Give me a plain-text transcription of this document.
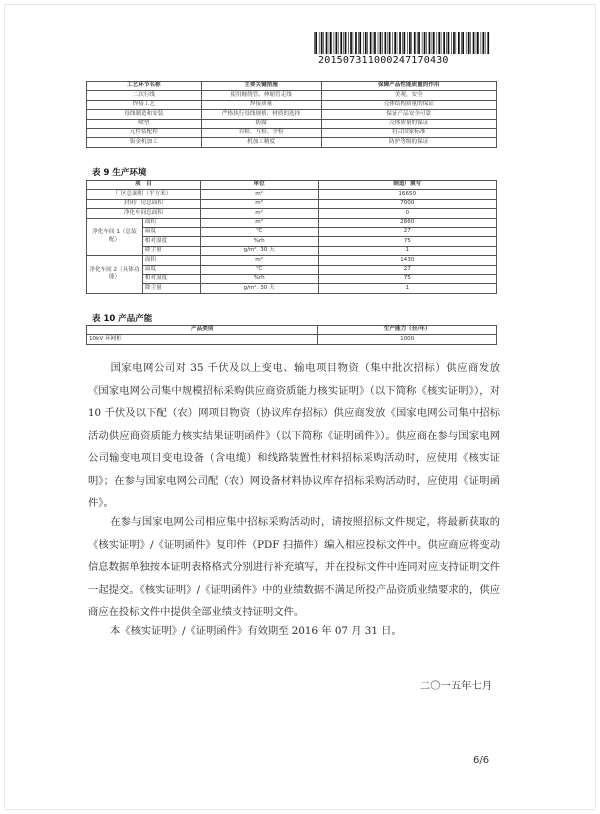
201507311000247170430
工艺环节名称	主要关键措施	保障产品性能质量的作用
二次行线	使用缠绕管、伸缩管走线	美观，安全
焊接工艺	焊接质量	壳体结构质量的保证
母线制造和安装	严格执行母线规格、材质的选择	保证产品安全可靠
喷塑	防腐	壳体质量的保证
元件装配程	自检、互检、全检	符合国家标准
钣金机加工	机加工精度	防护等级的保证
表 9 生产环境
项　目		单位	制造厂填写
厂区总面积（平方米）		m²	16650
封闭厂房总面积		m²	7000
净化车间总面积		m²	0
净化车间 1（总装配）	面积	m²	2860
	温度	℃	27
	相对湿度	%rh	75
	降尘量	g/m². 30 天	1
净化车间 2（具体功能）	面积	m²	1430
	温度	℃	27
	相对湿度	%rh	75
	降尘量	g/m². 30 天	1
表 10 产品产能
产品类别	生产能力（台/年）
10kV 环网柜	1000
国家电网公司对 35 千伏及以上变电、输电项目物资（集中批次招标）供应商发放《国家电网公司集中规模招标采购供应商资质能力核实证明》（以下简称《核实证明》），对 10 千伏及以下配（农）网项目物资（协议库存招标）供应商发放《国家电网公司集中招标活动供应商资质能力核实结果证明函件》（以下简称《证明函件》）。供应商在参与国家电网公司输变电项目变电设备（含电缆）和线路装置性材料招标采购活动时，应使用《核实证明》；在参与国家电网公司配（农）网设备材料协议库存招标采购活动时，应使用《证明函件》。
在参与国家电网公司相应集中招标采购活动时，请按照招标文件规定，将最新获取的《核实证明》/《证明函件》复印件（PDF 扫描件）编入相应投标文件中。供应商应将变动信息数据单独按本证明表格格式分别进行补充填写，并在投标文件中连同对应支持证明文件一起提交。《核实证明》/《证明函件》中的业绩数据不满足所投产品资质业绩要求的，供应商应在投标文件中提供全部业绩支持证明文件。
本《核实证明》/《证明函件》有效期至 2016 年 07 月 31 日。
二〇一五年七月
6/6
